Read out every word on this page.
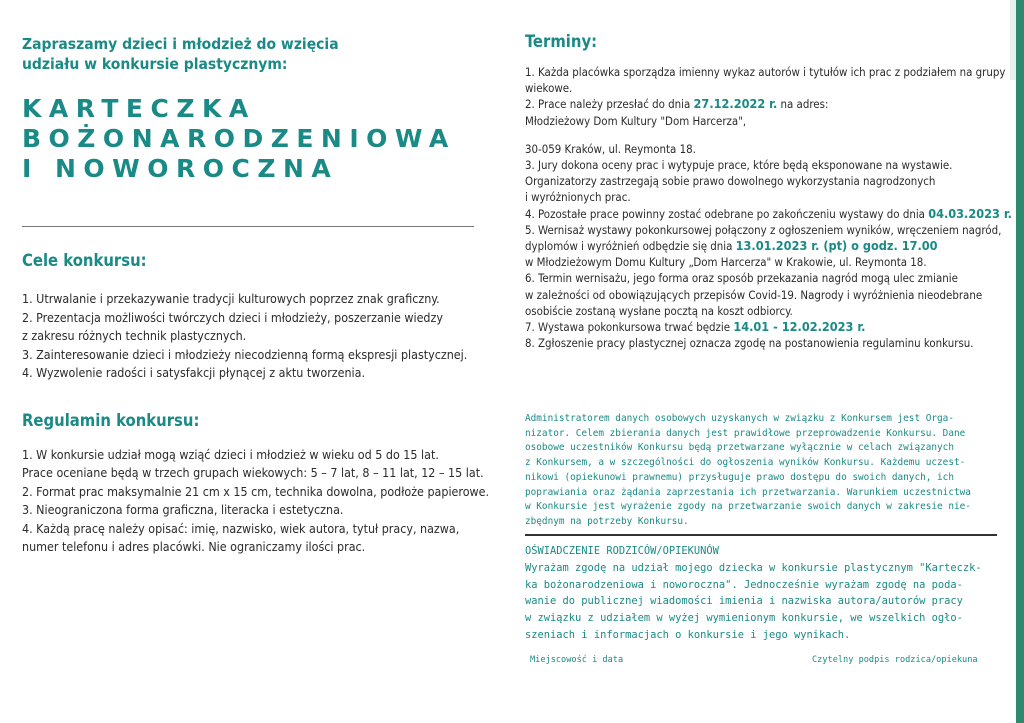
Zapraszamy dzieci i młodzież do wzięcia
udziału w konkursie plastycznym:
KARTECZKA
BOŻONARODZENIOWA
I NOWOROCZNA
Cele konkursu:
1. Utrwalanie i przekazywanie tradycji kulturowych poprzez znak graficzny.
2. Prezentacja możliwości twórczych dzieci i młodzieży, poszerzanie wiedzy
z zakresu różnych technik plastycznych.
3. Zainteresowanie dzieci i młodzieży niecodzienną formą ekspresji plastycznej.
4. Wyzwolenie radości i satysfakcji płynącej z aktu tworzenia.
Regulamin konkursu:
1. W konkursie udział mogą wziąć dzieci i młodzież w wieku od 5 do 15 lat.
Prace oceniane będą w trzech grupach wiekowych: 5 – 7 lat, 8 – 11 lat, 12 – 15 lat.
2. Format prac maksymalnie 21 cm x 15 cm, technika dowolna, podłoże papierowe.
3. Nieograniczona forma graficzna, literacka i estetyczna.
4. Każdą pracę należy opisać: imię, nazwisko, wiek autora, tytuł pracy, nazwa,
numer telefonu i adres placówki. Nie ograniczamy ilości prac.
Terminy:
1. Każda placówka sporządza imienny wykaz autorów i tytułów ich prac z podziałem na grupy
wiekowe.
2. Prace należy przesłać do dnia 27.12.2022 r. na adres:
Młodzieżowy Dom Kultury "Dom Harcerza",
30-059 Kraków, ul. Reymonta 18.
3. Jury dokona oceny prac i wytypuje prace, które będą eksponowane na wystawie.
Organizatorzy zastrzegają sobie prawo dowolnego wykorzystania nagrodzonych
i wyróżnionych prac.
4. Pozostałe prace powinny zostać odebrane po zakończeniu wystawy do dnia 04.03.2023 r.
5. Wernisaż wystawy pokonkursowej połączony z ogłoszeniem wyników, wręczeniem nagród,
dyplomów i wyróżnień odbędzie się dnia 13.01.2023 r. (pt) o godz. 17.00
w Młodzieżowym Domu Kultury „Dom Harcerza" w Krakowie, ul. Reymonta 18.
6. Termin wernisażu, jego forma oraz sposób przekazania nagród mogą ulec zmianie
w zależności od obowiązujących przepisów Covid-19. Nagrody i wyróżnienia nieodebrane
osobiście zostaną wysłane pocztą na koszt odbiorcy.
7. Wystawa pokonkursowa trwać będzie 14.01 - 12.02.2023 r.
8. Zgłoszenie pracy plastycznej oznacza zgodę na postanowienia regulaminu konkursu.
Administratorem danych osobowych uzyskanych w związku z Konkursem jest Orga-
nizator. Celem zbierania danych jest prawidłowe przeprowadzenie Konkursu. Dane
osobowe uczestników Konkursu będą przetwarzane wyłącznie w celach związanych
z Konkursem, a w szczególności do ogłoszenia wyników Konkursu. Każdemu uczest-
nikowi (opiekunowi prawnemu) przysługuje prawo dostępu do swoich danych, ich
poprawiania oraz żądania zaprzestania ich przetwarzania. Warunkiem uczestnictwa
w Konkursie jest wyrażenie zgody na przetwarzanie swoich danych w zakresie nie-
zbędnym na potrzeby Konkursu.
OŚWIADCZENIE RODZICÓW/OPIEKUNÓW
Wyrażam zgodę na udział mojego dziecka w konkursie plastycznym "Karteczk-
ka bożonarodzeniowa i noworoczna". Jednocześnie wyrażam zgodę na poda-
wanie do publicznej wiadomości imienia i nazwiska autora/autorów pracy
w związku z udziałem w wyżej wymienionym konkursie, we wszelkich ogło-
szeniach i informacjach o konkursie i jego wynikach.
Miejscowość i data	Czytelny podpis rodzica/opiekuna
